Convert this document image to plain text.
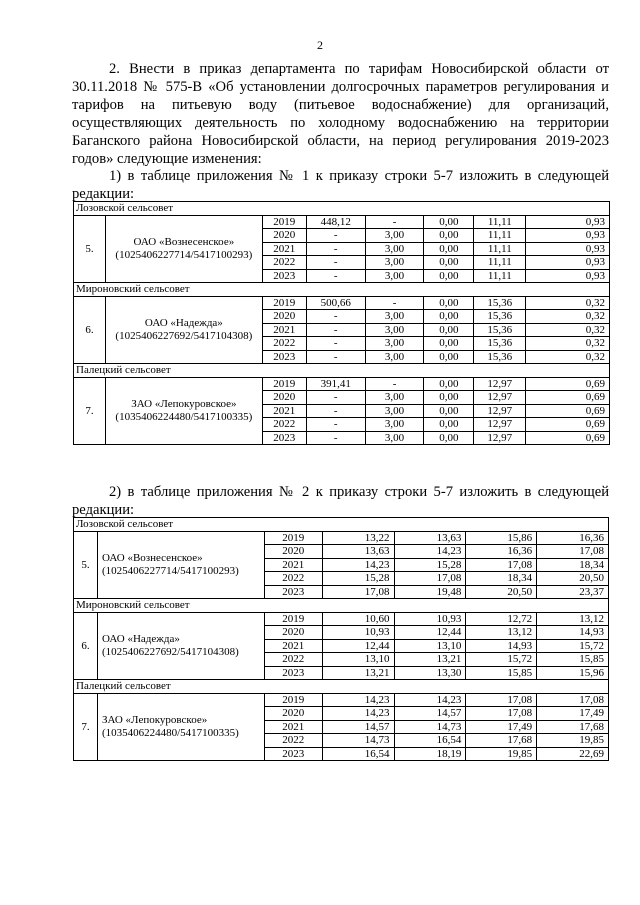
2

2. Внести в приказ департамента по тарифам Новосибирской области от 30.11.2018 № 575-В «Об установлении долгосрочных параметров регулирования и тарифов на питьевую воду (питьевое водоснабжение) для организаций, осуществляющих деятельность по холодному водоснабжению на территории Баганского района Новосибирской области, на период регулирования 2019-2023 годов» следующие изменения:

1) в таблице приложения № 1 к приказу строки 5-7 изложить в следующей редакции:

Лозовской сельсовет							
5.	ОАО «Вознесенское» (1025406227714/5417100293)	2019	448,12	-	0,00	11,11	0,93
		2020	-	3,00	0,00	11,11	0,93
		2021	-	3,00	0,00	11,11	0,93
		2022	-	3,00	0,00	11,11	0,93
		2023	-	3,00	0,00	11,11	0,93
Мироновский сельсовет							
6.	ОАО «Надежда» (1025406227692/5417104308)	2019	500,66	-	0,00	15,36	0,32
		2020	-	3,00	0,00	15,36	0,32
		2021	-	3,00	0,00	15,36	0,32
		2022	-	3,00	0,00	15,36	0,32
		2023	-	3,00	0,00	15,36	0,32
Палецкий сельсовет							
7.	ЗАО «Лепокуровское» (1035406224480/5417100335)	2019	391,41	-	0,00	12,97	0,69
		2020	-	3,00	0,00	12,97	0,69
		2021	-	3,00	0,00	12,97	0,69
		2022	-	3,00	0,00	12,97	0,69
		2023	-	3,00	0,00	12,97	0,69

2) в таблице приложения № 2 к приказу строки 5-7 изложить в следующей редакции:

Лозовской сельсовет						
5.	ОАО «Вознесенское» (1025406227714/5417100293)	2019	13,22	13,63	15,86	16,36
		2020	13,63	14,23	16,36	17,08
		2021	14,23	15,28	17,08	18,34
		2022	15,28	17,08	18,34	20,50
		2023	17,08	19,48	20,50	23,37
Мироновский сельсовет						
6.	ОАО «Надежда» (1025406227692/5417104308)	2019	10,60	10,93	12,72	13,12
		2020	10,93	12,44	13,12	14,93
		2021	12,44	13,10	14,93	15,72
		2022	13,10	13,21	15,72	15,85
		2023	13,21	13,30	15,85	15,96
Палецкий сельсовет						
7.	ЗАО «Лепокуровское» (1035406224480/5417100335)	2019	14,23	14,23	17,08	17,08
		2020	14,23	14,57	17,08	17,49
		2021	14,57	14,73	17,49	17,68
		2022	14,73	16,54	17,68	19,85
		2023	16,54	18,19	19,85	22,69
